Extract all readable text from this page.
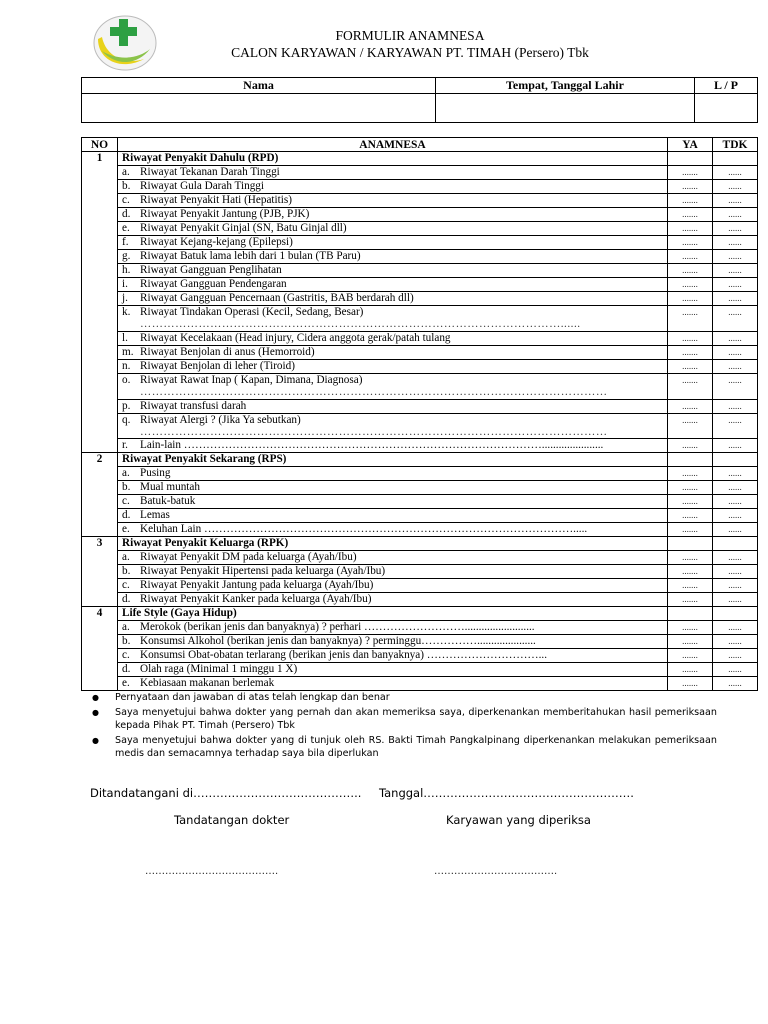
FORMULIR ANAMNESA
CALON KARYAWAN / KARYAWAN PT. TIMAH (Persero) Tbk
Nama	Tempat, Tanggal Lahir	L / P

NO	ANAMNESA	YA	TDK
1	Riwayat Penyakit Dahulu (RPD)		

	a. Riwayat Tekanan Darah Tinggi	.......	......

	b. Riwayat Gula Darah Tinggi	.......	......

	c. Riwayat Penyakit Hati (Hepatitis)	.......	......

	d. Riwayat Penyakit Jantung (PJB, PJK)	.......	......

	e. Riwayat Penyakit Ginjal (SN, Batu Ginjal dll)	.......	......

	f. Riwayat Kejang-kejang (Epilepsi)	.......	......

	g. Riwayat Batuk lama lebih dari 1 bulan (TB Paru)	.......	......

	h. Riwayat Gangguan Penglihatan	.......	......

	i. Riwayat Gangguan Pendengaran	.......	......

	j. Riwayat Gangguan Pencernaan (Gastritis, BAB berdarah dll)	.......	......

	k. Riwayat Tindakan Operasi (Kecil, Sedang, Besar)
………………………………………………………………………………………………......	.......	......

	l. Riwayat Kecelakaan (Head injury, Cidera anggota gerak/patah tulang	.......	......

	m. Riwayat Benjolan di anus (Hemorroid)	.......	......

	n. Riwayat Benjolan di leher (Tiroid)	.......	......

	o. Riwayat Rawat Inap ( Kapan, Dimana, Diagnosa)
…………………………………………………………………………………………………………	.......	......

	p. Riwayat transfusi darah	.......	......

	q. Riwayat Alergi ? (Jika Ya sebutkan)
…………………………………………………………………………………………………………	.......	......

	r. Lain-lain ……………………………………………………………………………………......................	.......	......
2	Riwayat Penyakit Sekarang (RPS)		

	a. Pusing	.......	......

	b. Mual muntah	.......	......

	c. Batuk-batuk	.......	......

	d. Lemas	.......	......

	e. Keluhan Lain ……………………………………………………………………………………….....	.......	......
3	Riwayat Penyakit Keluarga (RPK)		

	a. Riwayat Penyakit DM pada keluarga (Ayah/Ibu)	.......	......

	b. Riwayat Penyakit Hipertensi pada keluarga (Ayah/Ibu)	.......	......

	c. Riwayat Penyakit Jantung pada keluarga (Ayah/Ibu)	.......	......

	d. Riwayat Penyakit Kanker pada keluarga (Ayah/Ibu)	.......	......
4	Life Style (Gaya Hidup)		

	a. Merokok (berikan jenis dan banyaknya) ? perhari ……………………….........................	.......	......

	b. Konsumsi Alkohol (berikan jenis dan banyaknya) ? perminggu…………….....................	.......	......

	c. Konsumsi Obat-obatan terlarang (berikan jenis dan banyaknya) …………………………...	.......	......

	d. Olah raga (Minimal 1 minggu 1 X)	.......	......

	e. Kebiasaan makanan berlemak	.......	......
●	Pernyataan dan jawaban di atas telah lengkap dan benar
●	Saya menyetujui bahwa dokter yang pernah dan akan memeriksa saya, diperkenankan memberitahukan hasil pemeriksaan kepada Pihak PT. Timah (Persero) Tbk
●	Saya menyetujui bahwa dokter yang di tunjuk oleh RS. Bakti Timah Pangkalpinang diperkenankan melakukan pemeriksaan medis dan semacamnya terhadap saya bila diperlukan
Ditandatangani di…………………………………….. Tanggal……………………………………………….
Tandatangan dokter	Karyawan yang diperiksa
………………………………….	……………………………….
